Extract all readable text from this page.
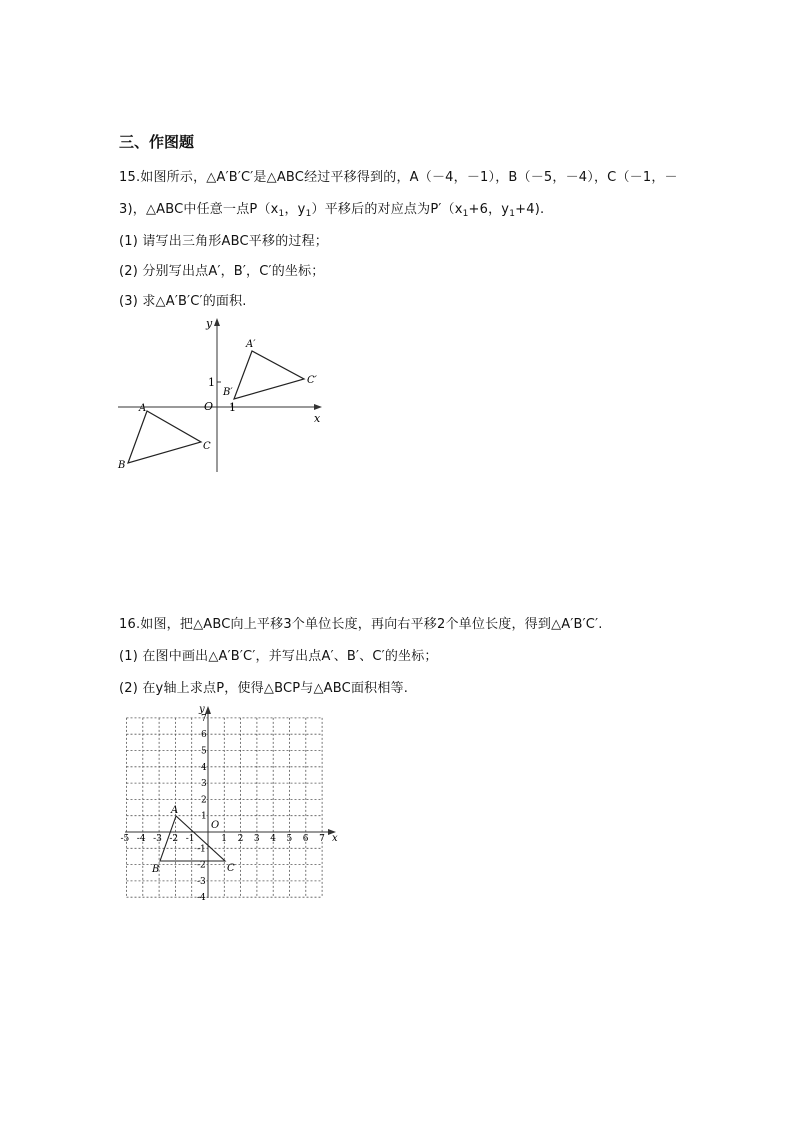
三、作图题
15.如图所示，△A′B′C′是△ABC经过平移得到的，A（－4，－1），B（－5，－4），C（－1，－
3)，△ABC中任意一点$P(x_1$，$y_1$）平移后的对应点为$P'(x_1+6$，$y_1+4$).
(1) 请写出三角形ABC平移的过程；
(2) 分别写出点A′，B′，C′的坐标；
(3) 求△A′B′C′的面积.
x
y
O 1
1
A
B
C
A′
B′
C′
16.如图，把△ABC向上平移3个单位长度，再向右平移2个单位长度，得到△A′B′C′.
(1) 在图中画出△A′B′C′，并写出点A′、B′、C′的坐标；
(2) 在y轴上求点P，使得△BCP与△ABC面积相等.
-5 -4 -3 -2 -1	1 2 3 4 5 6 7
7
6
5
4
3
2
1
-1
-2
-3
-4
x
y
O
A
B	C
